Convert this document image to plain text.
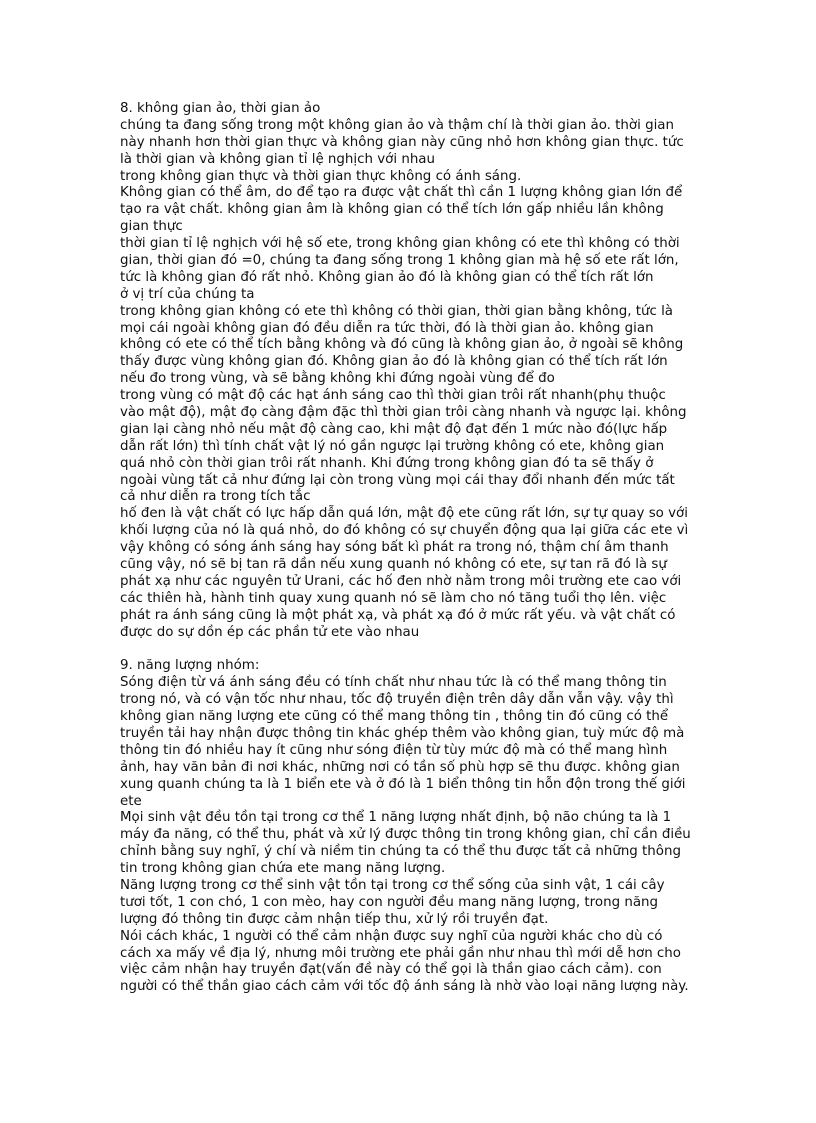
8. không gian ảo, thời gian ảo
chúng ta đang sống trong một không gian ảo và thậm chí là thời gian ảo. thời gian
này nhanh hơn thời gian thực và không gian này cũng nhỏ hơn không gian thực. tức
là thời gian và không gian tỉ lệ nghịch với nhau
trong không gian thực và thời gian thực không có ánh sáng.
Không gian có thể âm, do để tạo ra được vật chất thì cần 1 lượng không gian lớn để
tạo ra vật chất. không gian âm là không gian có thể tích lớn gấp nhiều lần không
gian thực
thời gian tỉ lệ nghịch với hệ số ete, trong không gian không có ete thì không có thời
gian, thời gian đó =0, chúng ta đang sống trong 1 không gian mà hệ số ete rất lớn,
tức là không gian đó rất nhỏ. Không gian ảo đó là không gian có thể tích rất lớn
ở vị trí của chúng ta
trong không gian không có ete thì không có thời gian, thời gian bằng không, tức là
mọi cái ngoài không gian đó đều diễn ra tức thời, đó là thời gian ảo. không gian
không có ete có thể tích bằng không và đó cũng là không gian ảo, ở ngoài sẽ không
thấy được vùng không gian đó. Không gian ảo đó là không gian có thể tích rất lớn
nếu đo trong vùng, và sẽ bằng không khi đứng ngoài vùng để đo
trong vùng có mật độ các hạt ánh sáng cao thì thời gian trôi rất nhanh(phụ thuộc
vào mật độ), mật đọ càng đậm đặc thì thời gian trôi càng nhanh và ngược lại. không
gian lại càng nhỏ nếu mật độ càng cao, khi mật độ đạt đến 1 mức nào đó(lực hấp
dẫn rất lớn) thì tính chất vật lý nó gần ngược lại trường không có ete, không gian
quá nhỏ còn thời gian trôi rất nhanh. Khi đứng trong không gian đó ta sẽ thấy ở
ngoài vùng tất cả như đứng lại còn trong vùng mọi cái thay đổi nhanh đến mức tất
cả như diễn ra trong tích tắc
hố đen là vật chất có lực hấp dẫn quá lớn, mật độ ete cũng rất lớn, sự tự quay so với
khối lượng của nó là quá nhỏ, do đó không có sự chuyển động qua lại giữa các ete vì
vậy không có sóng ánh sáng hay sóng bất kì phát ra trong nó, thậm chí âm thanh
cũng vậy, nó sẽ bị tan rã dần nếu xung quanh nó không có ete, sự tan rã đó là sự
phát xạ như các nguyên tử Urani, các hố đen nhờ nằm trong môi trường ete cao với
các thiên hà, hành tinh quay xung quanh nó sẽ làm cho nó tăng tuổi thọ lên. việc
phát ra ánh sáng cũng là một phát xạ, và phát xạ đó ở mức rất yếu. và vật chất có
được do sự dồn ép các phần tử ete vào nhau
9. năng lượng nhóm:
Sóng điện từ vá ánh sáng đều có tính chất như nhau tức là có thể mang thông tin
trong nó, và có vận tốc như nhau, tốc độ truyền điện trên dây dẫn vẫn vậy. vậy thì
không gian năng lượng ete cũng có thể mang thông tin , thông tin đó cũng có thể
truyền tải hay nhận được thông tin khác ghép thêm vào không gian, tuỳ mức độ mà
thông tin đó nhiều hay ít cũng như sóng điện từ tùy mức độ mà có thể mang hình
ảnh, hay văn bản đi nơi khác, những nơi có tần số phù hợp sẽ thu được. không gian
xung quanh chúng ta là 1 biển ete và ở đó là 1 biển thông tin hỗn độn trong thế giới
ete
Mọi sinh vật đều tồn tại trong cơ thể 1 năng lượng nhất định, bộ não chúng ta là 1
máy đa năng, có thể thu, phát và xử lý được thông tin trong không gian, chỉ cần điều
chỉnh bằng suy nghĩ, ý chí và niềm tin chúng ta có thể thu được tất cả những thông
tin trong không gian chứa ete mang năng lượng.
Năng lượng trong cơ thể sinh vật tồn tại trong cơ thể sống của sinh vật, 1 cái cây
tươi tốt, 1 con chó, 1 con mèo, hay con người đều mang năng lượng, trong năng
lượng đó thông tin được cảm nhận tiếp thu, xử lý rồi truyền đạt.
Nói cách khác, 1 người có thể cảm nhận được suy nghĩ của người khác cho dù có
cách xa mấy về địa lý, nhưng môi trường ete phải gần như nhau thì mới dễ hơn cho
việc cảm nhận hay truyền đạt(vấn đề này có thể gọi là thần giao cách cảm). con
người có thể thần giao cách cảm với tốc độ ánh sáng là nhờ vào loại năng lượng này.
